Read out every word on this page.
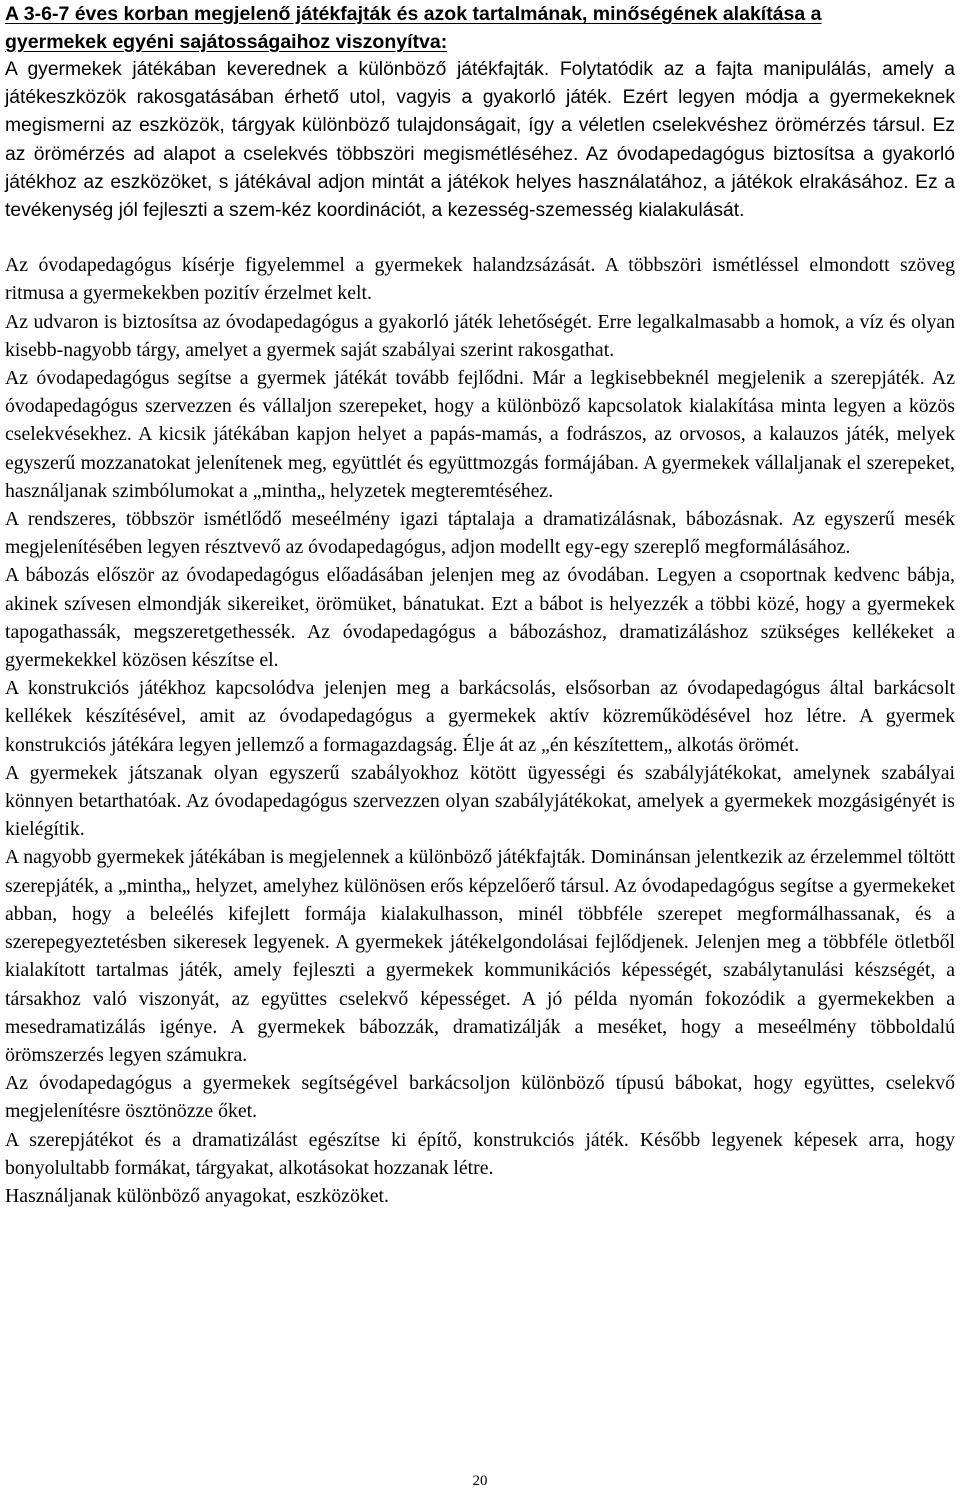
A 3-6-7 éves korban megjelenő játékfajták és azok tartalmának, minőségének alakítása a
gyermekek egyéni sajátosságaihoz viszonyítva:

A gyermekek játékában keverednek a különböző játékfajták. Folytatódik az a fajta manipulálás, amely a játékeszközök rakosgatásában érhető utol, vagyis a gyakorló játék. Ezért legyen módja a gyermekeknek megismerni az eszközök, tárgyak különböző tulajdonságait, így a véletlen cselekvéshez örömérzés társul. Ez az örömérzés ad alapot a cselekvés többszöri megismétléséhez. Az óvodapedagógus biztosítsa a gyakorló játékhoz az eszközöket, s játékával adjon mintát a játékok helyes használatához, a játékok elrakásához. Ez a tevékenység jól fejleszti a szem-kéz koordinációt, a kezesség-szemesség kialakulását.

Az óvodapedagógus kísérje figyelemmel a gyermekek halandzsázását. A többszöri ismétléssel elmondott szöveg ritmusa a gyermekekben pozitív érzelmet kelt.

Az udvaron is biztosítsa az óvodapedagógus a gyakorló játék lehetőségét. Erre legalkalmasabb a homok, a víz és olyan kisebb-nagyobb tárgy, amelyet a gyermek saját szabályai szerint rakosgathat.

Az óvodapedagógus segítse a gyermek játékát tovább fejlődni. Már a legkisebbeknél megjelenik a szerepjáték. Az óvodapedagógus szervezzen és vállaljon szerepeket, hogy a különböző kapcsolatok kialakítása minta legyen a közös cselekvésekhez. A kicsik játékában kapjon helyet a papás-mamás, a fodrászos, az orvosos, a kalauzos játék, melyek egyszerű mozzanatokat jelenítenek meg, együttlét és együttmozgás formájában. A gyermekek vállaljanak el szerepeket, használjanak szimbólumokat a „mintha„ helyzetek megteremtéséhez.

A rendszeres, többször ismétlődő meseélmény igazi táptalaja a dramatizálásnak, bábozásnak. Az egyszerű mesék megjelenítésében legyen résztvevő az óvodapedagógus, adjon modellt egy-egy szereplő megformálásához.

A bábozás először az óvodapedagógus előadásában jelenjen meg az óvodában. Legyen a csoportnak kedvenc bábja, akinek szívesen elmondják sikereiket, örömüket, bánatukat. Ezt a bábot is helyezzék a többi közé, hogy a gyermekek tapogathassák, megszeretgethessék. Az óvodapedagógus a bábozáshoz, dramatizáláshoz szükséges kellékeket a gyermekekkel közösen készítse el.

A konstrukciós játékhoz kapcsolódva jelenjen meg a barkácsolás, elsősorban az óvodapedagógus által barkácsolt kellékek készítésével, amit az óvodapedagógus a gyermekek aktív közreműködésével hoz létre. A gyermek konstrukciós játékára legyen jellemző a formagazdagság. Élje át az „én készítettem„ alkotás örömét.

A gyermekek játszanak olyan egyszerű szabályokhoz kötött ügyességi és szabályjátékokat, amelynek szabályai könnyen betarthatóak. Az óvodapedagógus szervezzen olyan szabályjátékokat, amelyek a gyermekek mozgásigényét is kielégítik.

A nagyobb gyermekek játékában is megjelennek a különböző játékfajták. Dominánsan jelentkezik az érzelemmel töltött szerepjáték, a „mintha„ helyzet, amelyhez különösen erős képzelőerő társul. Az óvodapedagógus segítse a gyermekeket abban, hogy a beleélés kifejlett formája kialakulhasson, minél többféle szerepet megformálhassanak, és a szerepegyeztetésben sikeresek legyenek. A gyermekek játékelgondolásai fejlődjenek. Jelenjen meg a többféle ötletből kialakított tartalmas játék, amely fejleszti a gyermekek kommunikációs képességét, szabálytanulási készségét, a társakhoz való viszonyát, az együttes cselekvő képességet. A jó példa nyomán fokozódik a gyermekekben a mesedramatizálás igénye. A gyermekek bábozzák, dramatizálják a meséket, hogy a meseélmény többoldalú örömszerzés legyen számukra.

Az óvodapedagógus a gyermekek segítségével barkácsoljon különböző típusú bábokat, hogy együttes, cselekvő megjelenítésre ösztönözze őket.

A szerepjátékot és a dramatizálást egészítse ki építő, konstrukciós játék. Később legyenek képesek arra, hogy bonyolultabb formákat, tárgyakat, alkotásokat hozzanak létre.

Használjanak különböző anyagokat, eszközöket.

20
